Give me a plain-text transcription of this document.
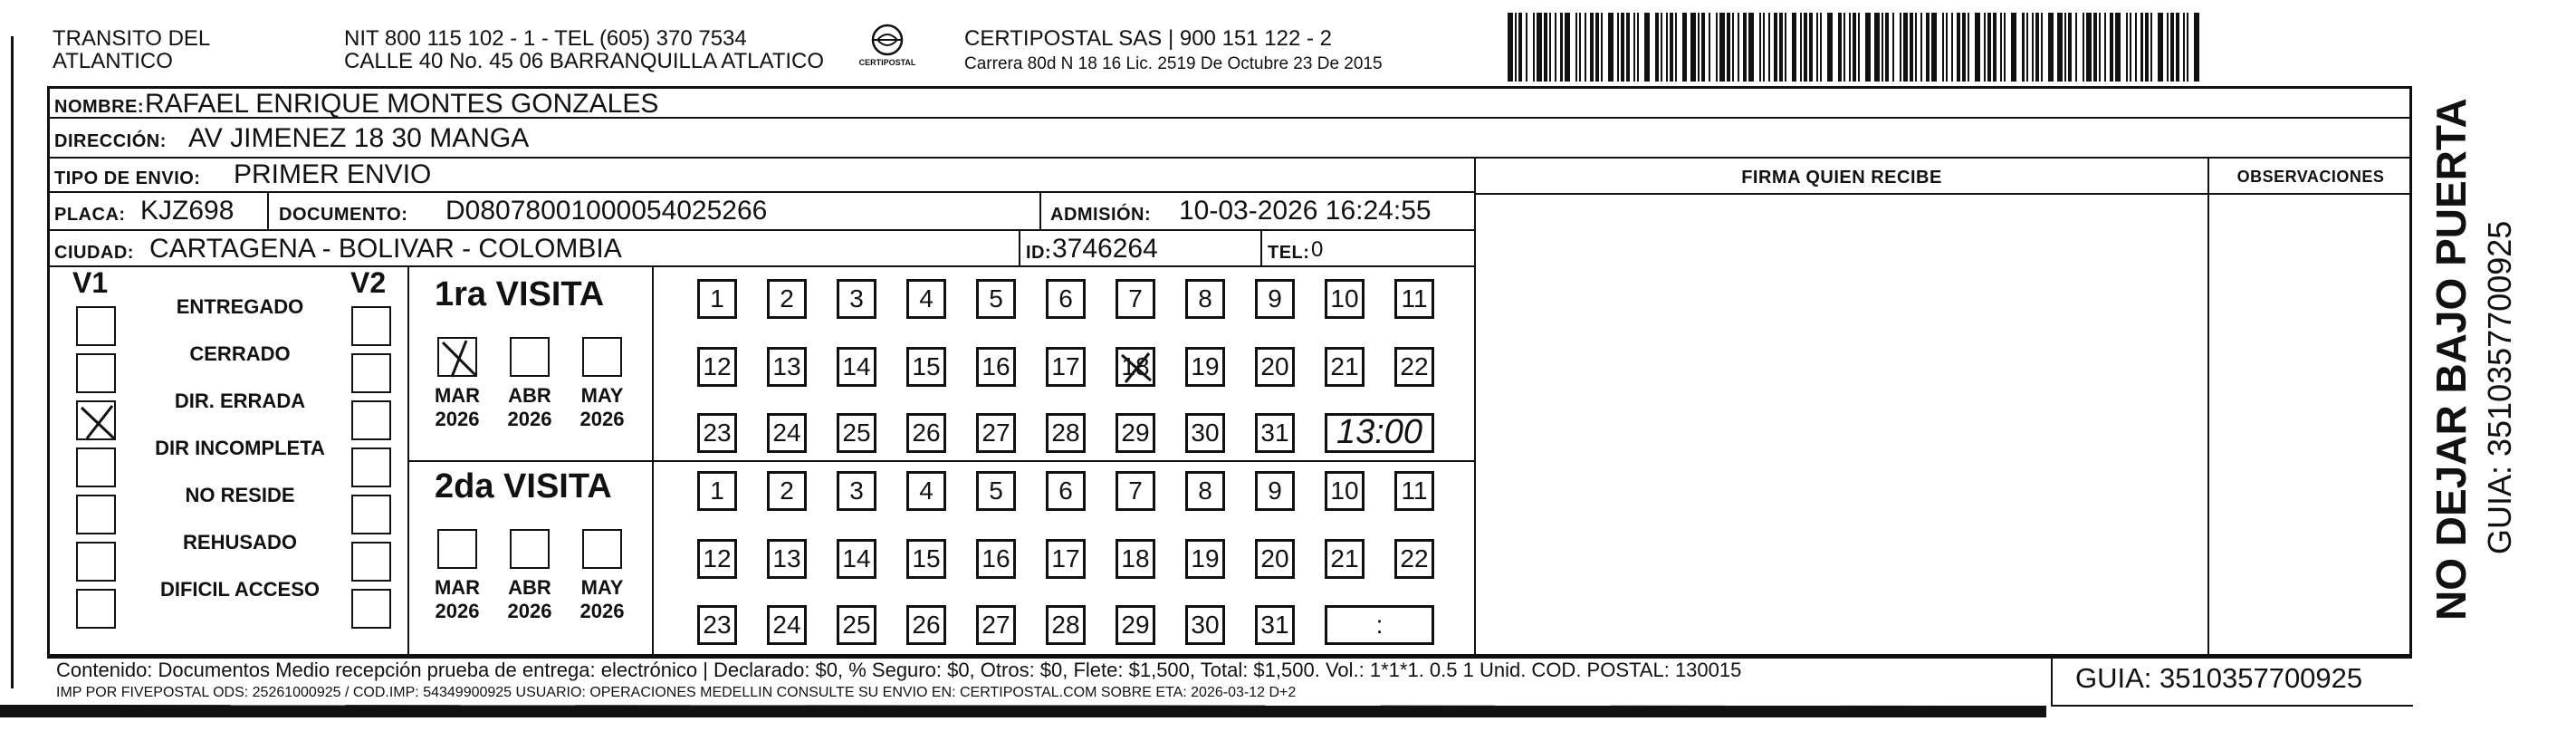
TRANSITO DEL
ATLANTICO
NIT 800 115 102 - 1 - TEL (605) 370 7534
CALLE 40 No. 45 06 BARRANQUILLA ATLATICO	CERTIPOSTAL
CERTIPOSTAL SAS | 900 151 122 - 2
Carrera 80d N 18 16 Lic. 2519 De Octubre 23 De 2015
NOMBRE: RAFAEL ENRIQUE MONTES GONZALES
DIRECCIÓN: AV JIMENEZ 18 30 MANGA
TIPO DE ENVIO: PRIMER ENVIO
PLACA: KJZ698 DOCUMENTO: D08078001000054025266	ADMISIÓN: 10-03-2026 16:24:55
CIUDAD: CARTAGENA - BOLIVAR - COLOMBIA	ID: 3746264	TEL: 0
FIRMA QUIEN RECIBE	OBSERVACIONES
V1	V2
ENTREGADO
CERRADO
DIR. ERRADA
DIR INCOMPLETA
NO RESIDE
REHUSADO
DIFICIL ACCESO
1ra VISITA
2da VISITA
MAR
2026
ABR
2026
MAY
2026
MAR
2026
ABR
2026
MAY
2026
1	2	3	4	5	6	7	8	9	10 11
12 13 14 15 16 17 18 19 20 21 22
23 24 25 26 27 28 29 30 31	13:00
1	2	3	4	5	6	7	8	9	10 11
12 13 14 15 16 17 18 19 20 21 22
23 24 25 26 27 28 29 30 31	:
Contenido: Documentos Medio recepción prueba de entrega: electrónico | Declarado: $0, % Seguro: $0, Otros: $0, Flete: $1,500, Total: $1,500. Vol.: 1*1*1. 0.5 1 Unid. COD. POSTAL: 130015
IMP POR FIVEPOSTAL ODS: 25261000925 / COD.IMP: 54349900925 USUARIO: OPERACIONES MEDELLIN CONSULTE SU ENVIO EN: CERTIPOSTAL.COM SOBRE ETA: 2026-03-12 D+2	GUIA: 3510357700925
NO DEJAR BAJO PUERTA GUIA: 3510357700925
